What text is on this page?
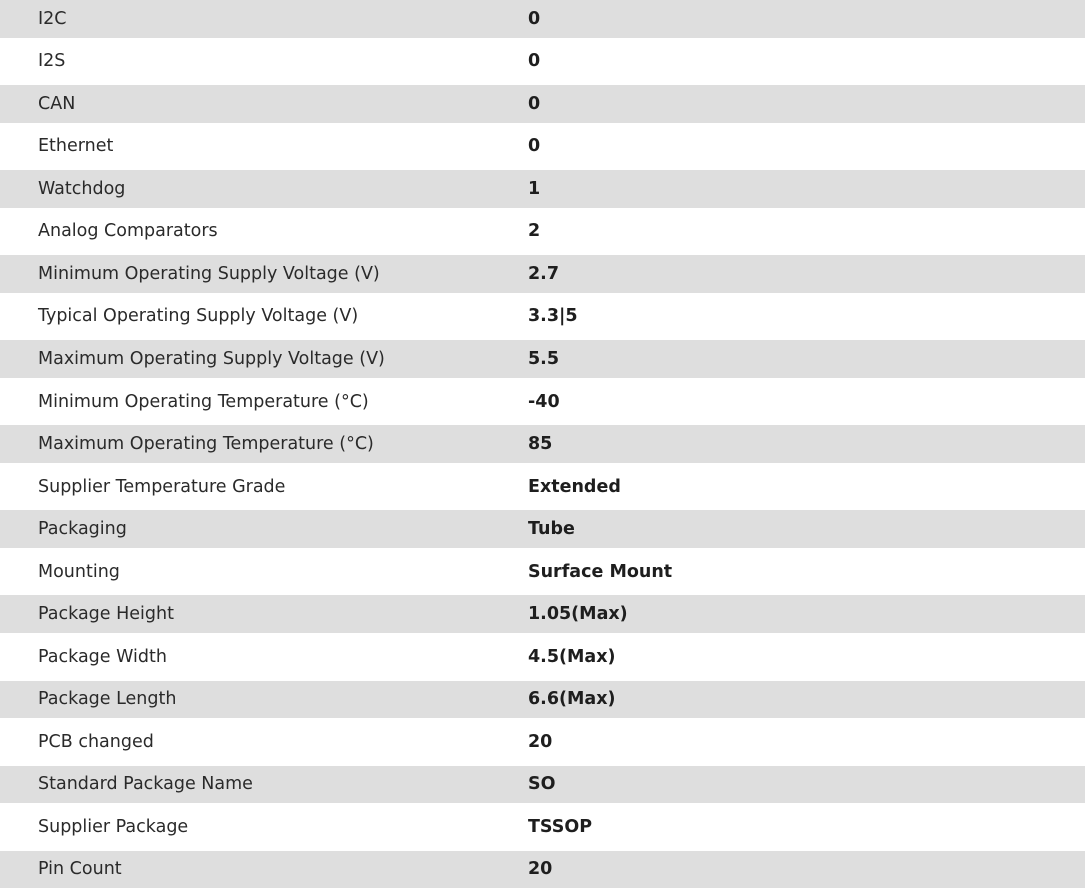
I2C	0
I2S	0
CAN	0
Ethernet	0
Watchdog	1
Analog Comparators	2
Minimum Operating Supply Voltage (V)	2.7
Typical Operating Supply Voltage (V)	3.3|5
Maximum Operating Supply Voltage (V)	5.5
Minimum Operating Temperature (°C)	-40
Maximum Operating Temperature (°C)	85
Supplier Temperature Grade	Extended
Packaging	Tube
Mounting	Surface Mount
Package Height	1.05(Max)
Package Width	4.5(Max)
Package Length	6.6(Max)
PCB changed	20
Standard Package Name	SO
Supplier Package	TSSOP
Pin Count	20
